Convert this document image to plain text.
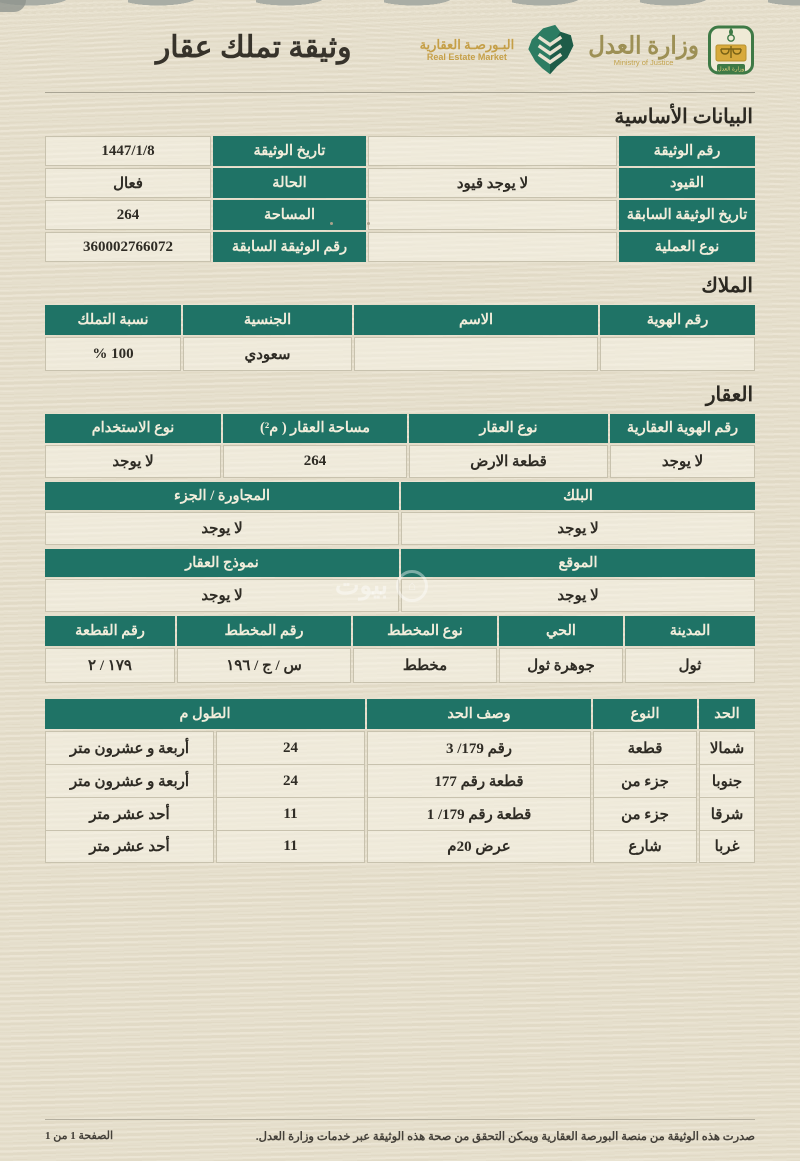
وزارة العدل
وزارة العدل
Ministry of Justice
البـورصـة العقارية
Real Estate Market
وثيقة تملك عقار
البيانات الأساسية
رقم الوثيقة
تاريخ الوثيقة
1447/1/8
القيود
لا يوجد قيود
الحالة
فعال
تاريخ الوثيقة السابقة
المساحة
264
نوع العملية
رقم الوثيقة السابقة
360002766072
الملاك
رقم الهوية
الاسم
الجنسية
نسبة التملك
سعودي
100 %
العقار
رقم الهوية العقارية
نوع العقار
مساحة العقار ( م²)
نوع الاستخدام
لا يوجد
قطعة الارض
264
لا يوجد
البلك
المجاورة / الجزء
لا يوجد
لا يوجد
الموقع
نموذج العقار
لا يوجد
لا يوجد
المدينة
الحي
نوع المخطط
رقم المخطط
رقم القطعة
ثول
جوهرة ثول
مخطط
س / ج / ١٩٦
١٧٩ / ٢
الحد
النوع
وصف الحد
الطول م
شمالا
قطعة
رقم 179/ 3
24
أربعة و عشرون متر
جنوبا
جزء من
قطعة رقم 177
24
أربعة و عشرون متر
شرقا
جزء من
قطعة رقم 179/ 1
11
أحد عشر متر
غربا
شارع
عرض 20م
11
أحد عشر متر
⌂
بيوت
صدرت هذه الوثيقة من منصة البورصة العقارية ويمكن التحقق من صحة هذه الوثيقة عبر خدمات وزارة العدل.
الصفحة 1 من 1
